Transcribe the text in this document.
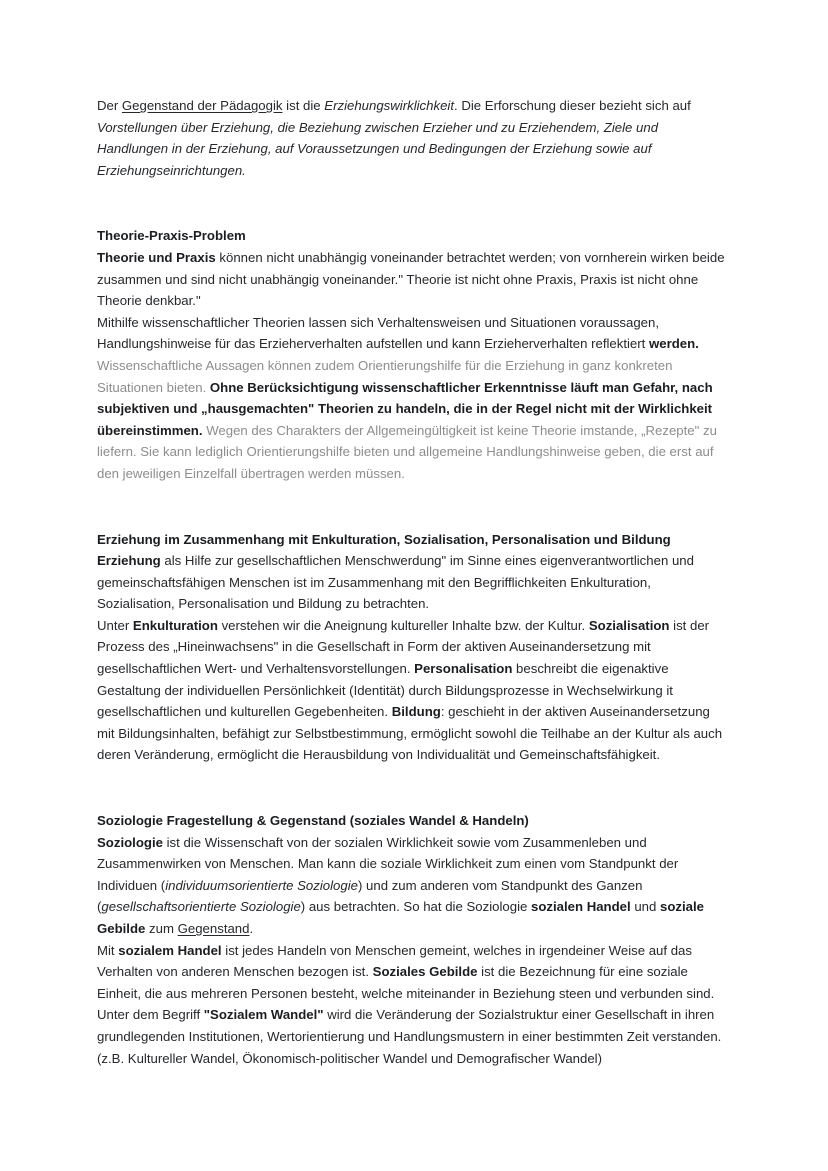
Der Gegenstand der Pädagogik ist die Erziehungswirklichkeit. Die Erforschung dieser bezieht sich auf Vorstellungen über Erziehung, die Beziehung zwischen Erzieher und zu Erziehendem, Ziele und Handlungen in der Erziehung, auf Voraussetzungen und Bedingungen der Erziehung sowie auf Erziehungseinrichtungen.

Theorie-Praxis-Problem

Theorie und Praxis können nicht unabhängig voneinander betrachtet werden; von vornherein wirken beide zusammen und sind nicht unabhängig voneinander." Theorie ist nicht ohne Praxis, Praxis ist nicht ohne Theorie denkbar."

Mithilfe wissenschaftlicher Theorien lassen sich Verhaltensweisen und Situationen voraussagen, Handlungshinweise für das Erzieherverhalten aufstellen und kann Erzieherverhalten reflektiert werden. Wissenschaftliche Aussagen können zudem Orientierungshilfe für die Erziehung in ganz konkreten Situationen bieten. Ohne Berücksichtigung wissenschaftlicher Erkenntnisse läuft man Gefahr, nach subjektiven und „hausgemachten" Theorien zu handeln, die in der Regel nicht mit der Wirklichkeit übereinstimmen. Wegen des Charakters der Allgemeingültigkeit ist keine Theorie imstande, „Rezepte" zu liefern. Sie kann lediglich Orientierungshilfe bieten und allgemeine Handlungshinweise geben, die erst auf den jeweiligen Einzelfall übertragen werden müssen.

Erziehung im Zusammenhang mit Enkulturation, Sozialisation, Personalisation und Bildung

Erziehung als Hilfe zur gesellschaftlichen Menschwerdung" im Sinne eines eigenverantwortlichen und gemeinschaftsfähigen Menschen ist im Zusammenhang mit den Begrifflichkeiten Enkulturation, Sozialisation, Personalisation und Bildung zu betrachten.

Unter Enkulturation verstehen wir die Aneignung kultureller Inhalte bzw. der Kultur. Sozialisation ist der Prozess des „Hineinwachsens" in die Gesellschaft in Form der aktiven Auseinandersetzung mit gesellschaftlichen Wert- und Verhaltensvorstellungen. Personalisation beschreibt die eigenaktive Gestaltung der individuellen Persönlichkeit (Identität) durch Bildungsprozesse in Wechselwirkung it gesellschaftlichen und kulturellen Gegebenheiten. Bildung: geschieht in der aktiven Auseinandersetzung mit Bildungsinhalten, befähigt zur Selbstbestimmung, ermöglicht sowohl die Teilhabe an der Kultur als auch deren Veränderung, ermöglicht die Herausbildung von Individualität und Gemeinschaftsfähigkeit.

Soziologie Fragestellung & Gegenstand (soziales Wandel & Handeln)

Soziologie ist die Wissenschaft von der sozialen Wirklichkeit sowie vom Zusammenleben und Zusammenwirken von Menschen. Man kann die soziale Wirklichkeit zum einen vom Standpunkt der Individuen (individuumsorientierte Soziologie) und zum anderen vom Standpunkt des Ganzen (gesellschaftsorientierte Soziologie) aus betrachten. So hat die Soziologie sozialen Handel und soziale Gebilde zum Gegenstand.

Mit sozialem Handel ist jedes Handeln von Menschen gemeint, welches in irgendeiner Weise auf das Verhalten von anderen Menschen bezogen ist. Soziales Gebilde ist die Bezeichnung für eine soziale Einheit, die aus mehreren Personen besteht, welche miteinander in Beziehung steen und verbunden sind.

Unter dem Begriff "Sozialem Wandel" wird die Veränderung der Sozialstruktur einer Gesellschaft in ihren grundlegenden Institutionen, Wertorientierung und Handlungsmustern in einer bestimmten Zeit verstanden. (z.B. Kultureller Wandel, Ökonomisch-politischer Wandel und Demografischer Wandel)
